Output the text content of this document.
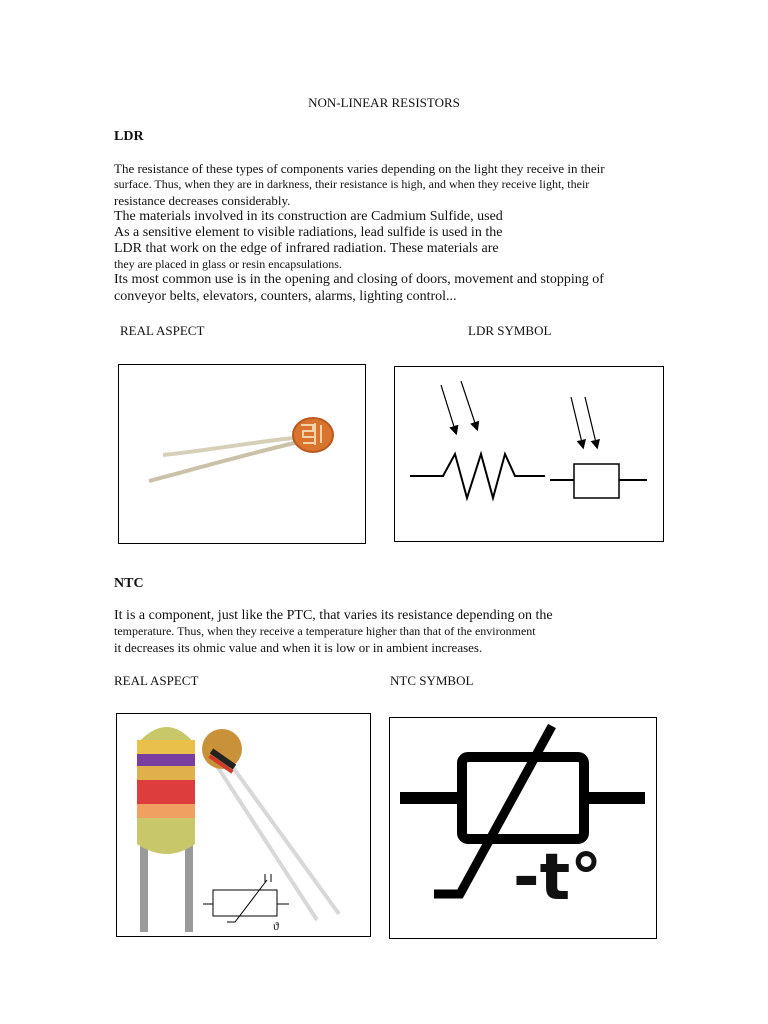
NON-LINEAR RESISTORS
LDR
The resistance of these types of components varies depending on the light they receive in their
surface. Thus, when they are in darkness, their resistance is high, and when they receive light, their
resistance decreases considerably.
The materials involved in its construction are Cadmium Sulfide, used
As a sensitive element to visible radiations, lead sulfide is used in the
LDR that work on the edge of infrared radiation. These materials are
they are placed in glass or resin encapsulations.
Its most common use is in the opening and closing of doors, movement and stopping of
conveyor belts, elevators, counters, alarms, lighting control...
REAL ASPECT	LDR SYMBOL
NTC
It is a component, just like the PTC, that varies its resistance depending on the
temperature. Thus, when they receive a temperature higher than that of the environment
it decreases its ohmic value and when it is low or in ambient increases.
REAL ASPECT	NTC SYMBOL
ϑ
-t°
